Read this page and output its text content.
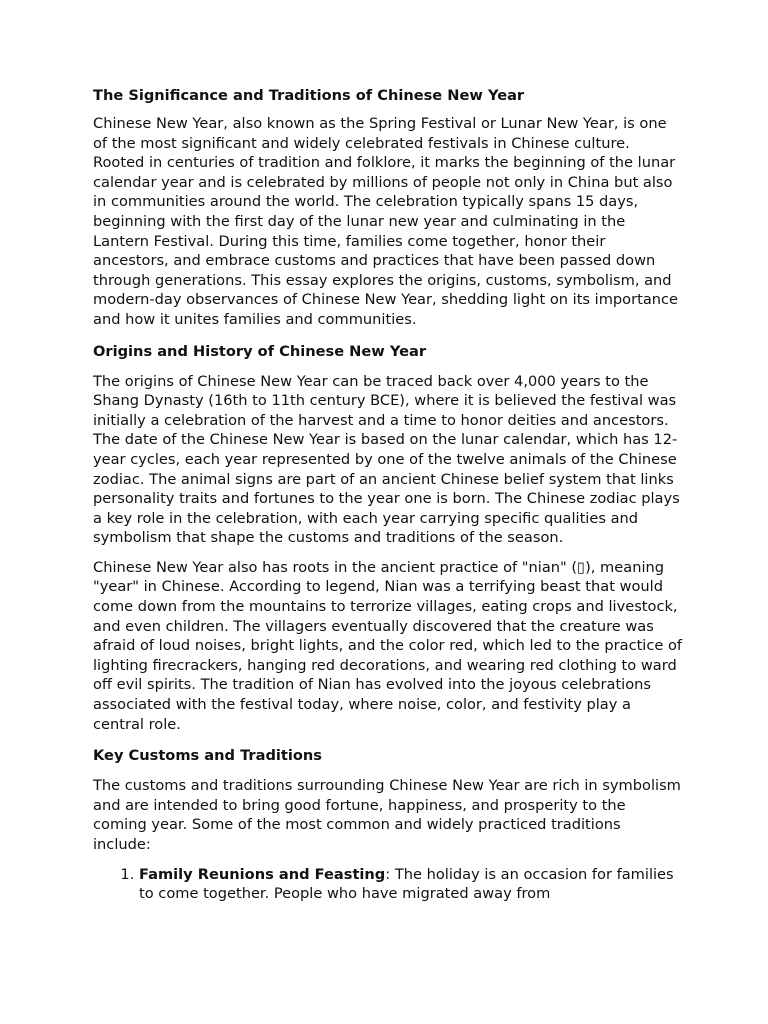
The Significance and Traditions of Chinese New Year

Chinese New Year, also known as the Spring Festival or Lunar New Year, is one of the most significant and widely celebrated festivals in Chinese culture. Rooted in centuries of tradition and folklore, it marks the beginning of the lunar calendar year and is celebrated by millions of people not only in China but also in communities around the world. The celebration typically spans 15 days, beginning with the first day of the lunar new year and culminating in the Lantern Festival. During this time, families come together, honor their ancestors, and embrace customs and practices that have been passed down through generations. This essay explores the origins, customs, symbolism, and modern-day observances of Chinese New Year, shedding light on its importance and how it unites families and communities.

Origins and History of Chinese New Year

The origins of Chinese New Year can be traced back over 4,000 years to the Shang Dynasty (16th to 11th century BCE), where it is believed the festival was initially a celebration of the harvest and a time to honor deities and ancestors. The date of the Chinese New Year is based on the lunar calendar, which has 12-year cycles, each year represented by one of the twelve animals of the Chinese zodiac. The animal signs are part of an ancient Chinese belief system that links personality traits and fortunes to the year one is born. The Chinese zodiac plays a key role in the celebration, with each year carrying specific qualities and symbolism that shape the customs and traditions of the season.

Chinese New Year also has roots in the ancient practice of "nian" (▯), meaning "year" in Chinese. According to legend, Nian was a terrifying beast that would come down from the mountains to terrorize villages, eating crops and livestock, and even children. The villagers eventually discovered that the creature was afraid of loud noises, bright lights, and the color red, which led to the practice of lighting firecrackers, hanging red decorations, and wearing red clothing to ward off evil spirits. The tradition of Nian has evolved into the joyous celebrations associated with the festival today, where noise, color, and festivity play a central role.

Key Customs and Traditions

The customs and traditions surrounding Chinese New Year are rich in symbolism and are intended to bring good fortune, happiness, and prosperity to the coming year. Some of the most common and widely practiced traditions include:

1. Family Reunions and Feasting: The holiday is an occasion for families to come together. People who have migrated away from
